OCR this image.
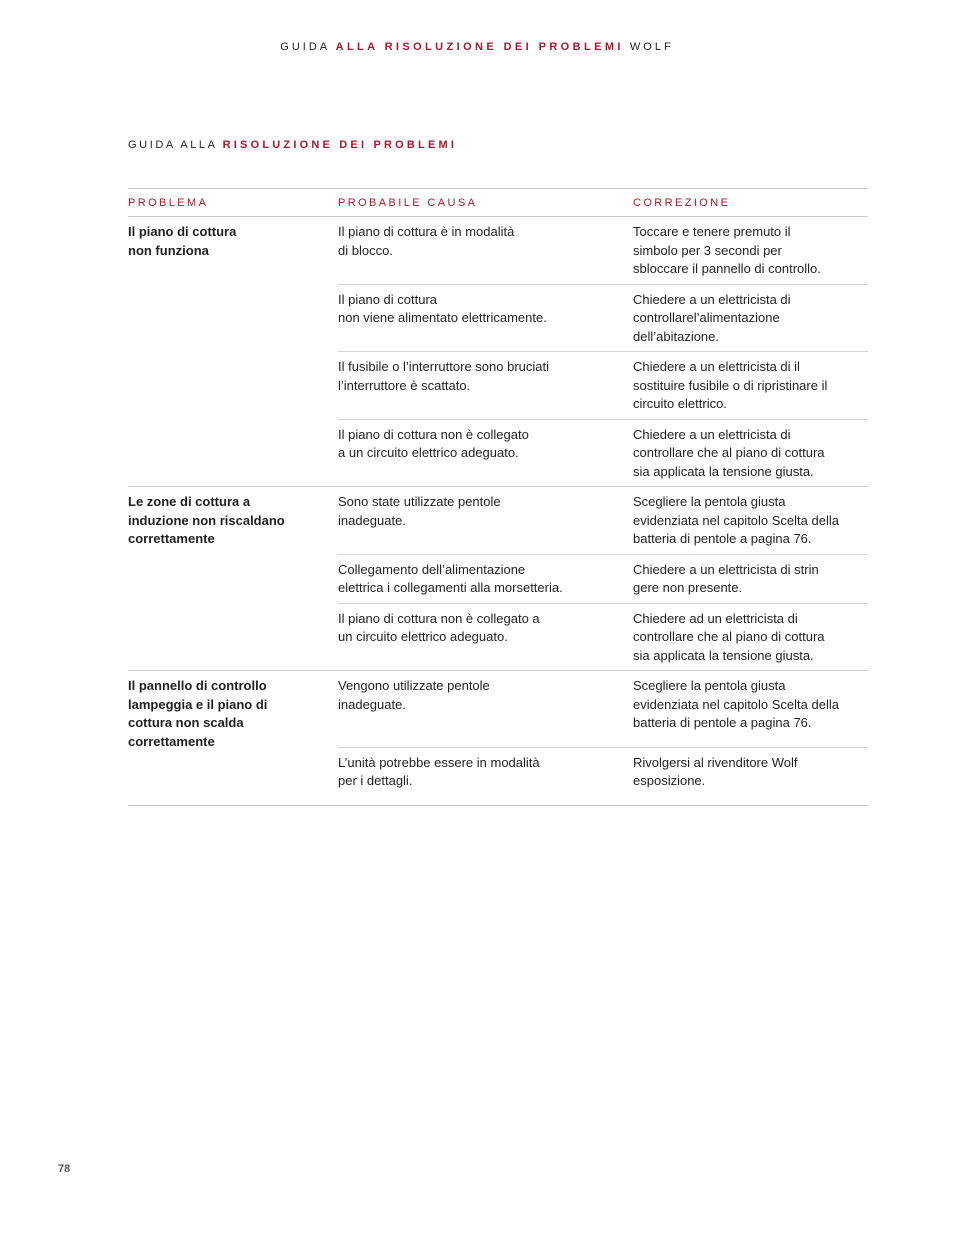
GUIDA ALLA RISOLUZIONE DEI PROBLEMI WOLF
GUIDA ALLA RISOLUZIONE DEI PROBLEMI
PROBLEMA	PROBABILE CAUSA	CORREZIONE
Il piano di cottura
non funziona
Il piano di cottura è in modalità
di blocco.
Toccare e tenere premuto il
simbolo per 3 secondi per
sbloccare il pannello di controllo.
Il piano di cottura
non viene alimentato elettricamente.
Chiedere a un elettricista di
controllarel’alimentazione
dell’abitazione.
Il fusibile o l’interruttore sono bruciati
l’interruttore è scattato.
Chiedere a un elettricista di il
sostituire fusibile o di ripristinare il
circuito elettrico.
Il piano di cottura non è collegato
a un circuito elettrico adeguato.
Chiedere a un elettricista di
controllare che al piano di cottura
sia applicata la tensione giusta.
Le zone di cottura a
induzione non riscaldano
correttamente
Sono state utilizzate pentole
inadeguate.
Scegliere la pentola giusta
evidenziata nel capitolo Scelta della
batteria di pentole a pagina 76.
Collegamento dell’alimentazione
elettrica i collegamenti alla morsetteria.
Chiedere a un elettricista di strin
gere non presente.
Il piano di cottura non è collegato a
un circuito elettrico adeguato.
Chiedere ad un elettricista di
controllare che al piano di cottura
sia applicata la tensione giusta.
Il pannello di controllo
lampeggia e il piano di
cottura non scalda
correttamente
Vengono utilizzate pentole
inadeguate.
Scegliere la pentola giusta
evidenziata nel capitolo Scelta della
batteria di pentole a pagina 76.

L’unità potrebbe essere in modalità
per i dettagli.
Rivolgersi al rivenditore Wolf
esposizione.
78
